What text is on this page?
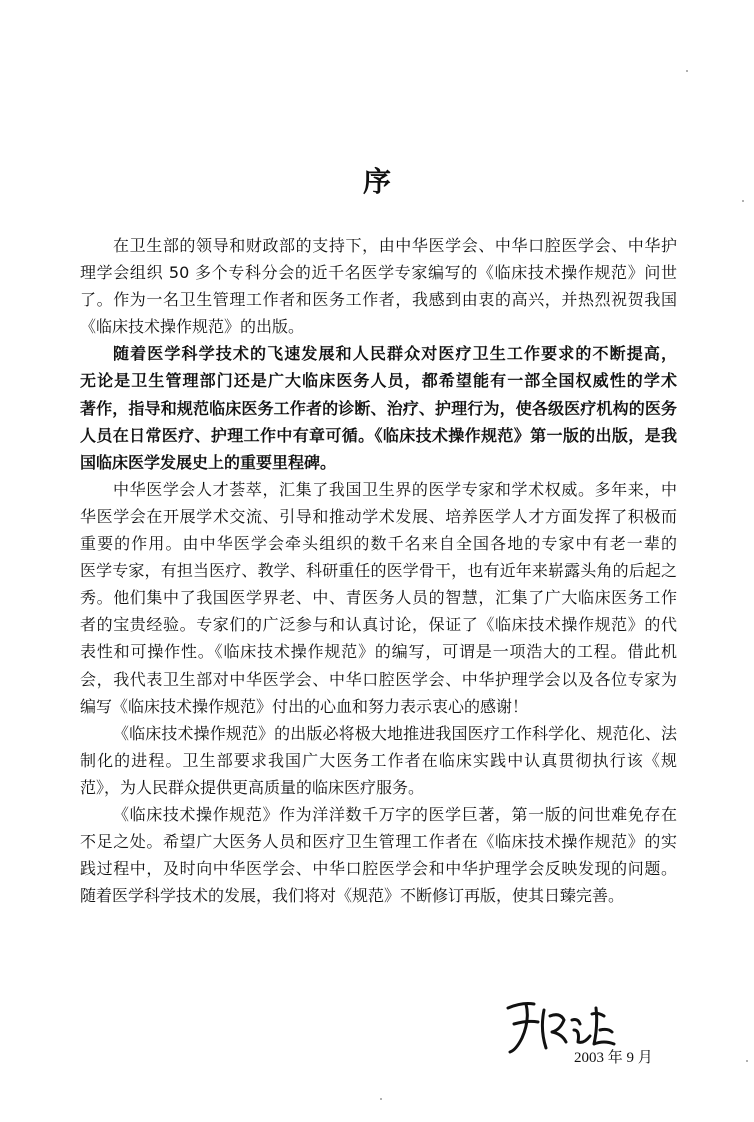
序
在卫生部的领导和财政部的支持下，由中华医学会、中华口腔医学会、中华护
理学会组织 50 多个专科分会的近千名医学专家编写的《临床技术操作规范》问世
了。作为一名卫生管理工作者和医务工作者，我感到由衷的高兴，并热烈祝贺我国
《临床技术操作规范》的出版。
随着医学科学技术的飞速发展和人民群众对医疗卫生工作要求的不断提高，
无论是卫生管理部门还是广大临床医务人员，都希望能有一部全国权威性的学术
著作，指导和规范临床医务工作者的诊断、治疗、护理行为，使各级医疗机构的医务
人员在日常医疗、护理工作中有章可循。《临床技术操作规范》第一版的出版，是我
国临床医学发展史上的重要里程碑。
中华医学会人才荟萃，汇集了我国卫生界的医学专家和学术权威。多年来，中
华医学会在开展学术交流、引导和推动学术发展、培养医学人才方面发挥了积极而
重要的作用。由中华医学会牵头组织的数千名来自全国各地的专家中有老一辈的
医学专家，有担当医疗、教学、科研重任的医学骨干，也有近年来崭露头角的后起之
秀。他们集中了我国医学界老、中、青医务人员的智慧，汇集了广大临床医务工作
者的宝贵经验。专家们的广泛参与和认真讨论，保证了《临床技术操作规范》的代
表性和可操作性。《临床技术操作规范》的编写，可谓是一项浩大的工程。借此机
会，我代表卫生部对中华医学会、中华口腔医学会、中华护理学会以及各位专家为
编写《临床技术操作规范》付出的心血和努力表示衷心的感谢！
《临床技术操作规范》的出版必将极大地推进我国医疗工作科学化、规范化、法
制化的进程。卫生部要求我国广大医务工作者在临床实践中认真贯彻执行该《规
范》，为人民群众提供更高质量的临床医疗服务。
《临床技术操作规范》作为洋洋数千万字的医学巨著，第一版的问世难免存在
不足之处。希望广大医务人员和医疗卫生管理工作者在《临床技术操作规范》的实
践过程中，及时向中华医学会、中华口腔医学会和中华护理学会反映发现的问题。
随着医学科学技术的发展，我们将对《规范》不断修订再版，使其日臻完善。
2003 年 9 月
